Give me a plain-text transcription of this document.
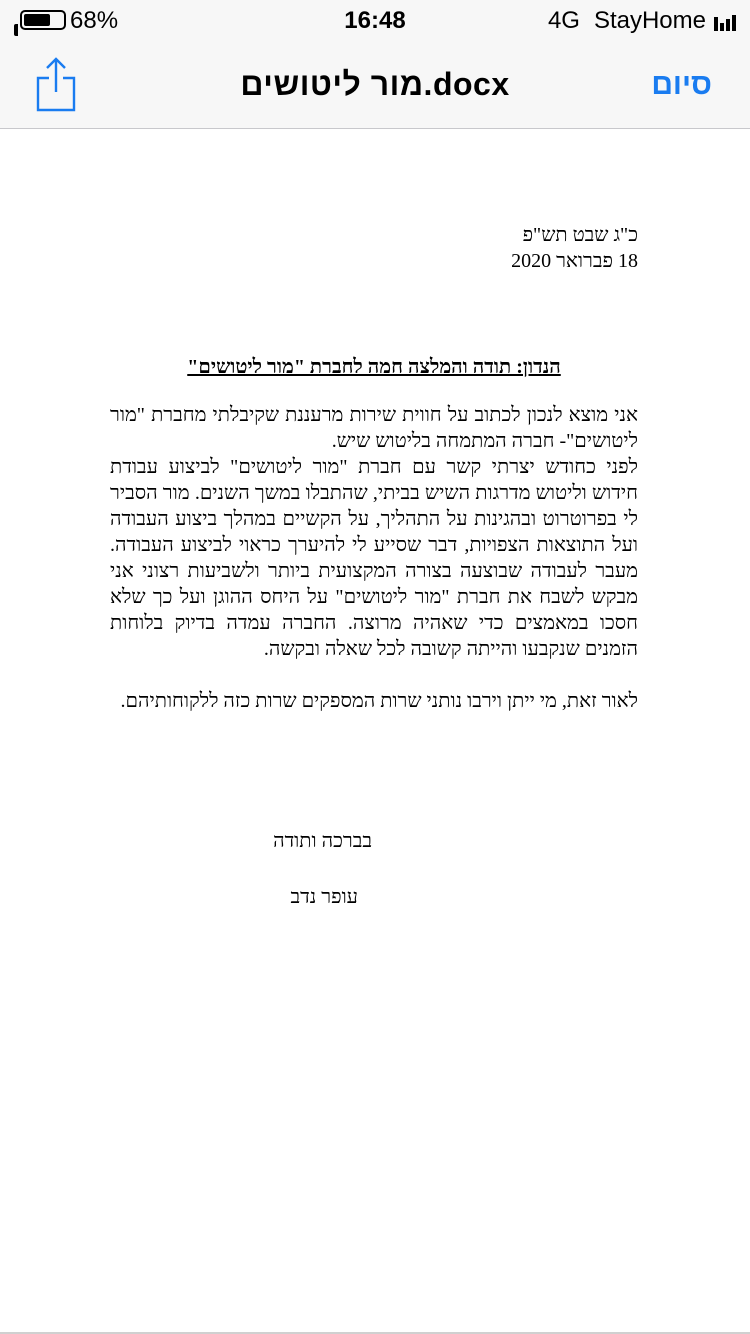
68%	16:48	4G StayHome
מור ליטושים.docx	סיום
כ"ג שבט תש"פ
18 פברואר 2020
הנדון: תודה והמלצה חמה לחברת "מור ליטושים"

אני מוצא לנכון לכתוב על חווית שירות מרעננת שקיבלתי מחברת "מור ליטושים"- חברה המתמחה בליטוש שיש.

לפני כחודש יצרתי קשר עם חברת "מור ליטושים" לביצוע עבודת חידוש וליטוש מדרגות השיש בביתי, שהתבלו במשך השנים. מור הסביר לי בפרוטרוט ובהגינות על התהליך, על הקשיים במהלך ביצוע העבודה ועל התוצאות הצפויות, דבר שסייע לי להיערך כראוי לביצוע העבודה. מעבר לעבודה שבוצעה בצורה המקצועית ביותר ולשביעות רצוני אני מבקש לשבח את חברת "מור ליטושים" על היחס ההוגן ועל כך שלא חסכו במאמצים כדי שאהיה מרוצה. החברה עמדה בדיוק בלוחות הזמנים שנקבעו והייתה קשובה לכל שאלה ובקשה.

לאור זאת, מי ייתן וירבו נותני שרות המספקים שרות כזה ללקוחותיהם.
בברכה ותודה
עופר נדב
